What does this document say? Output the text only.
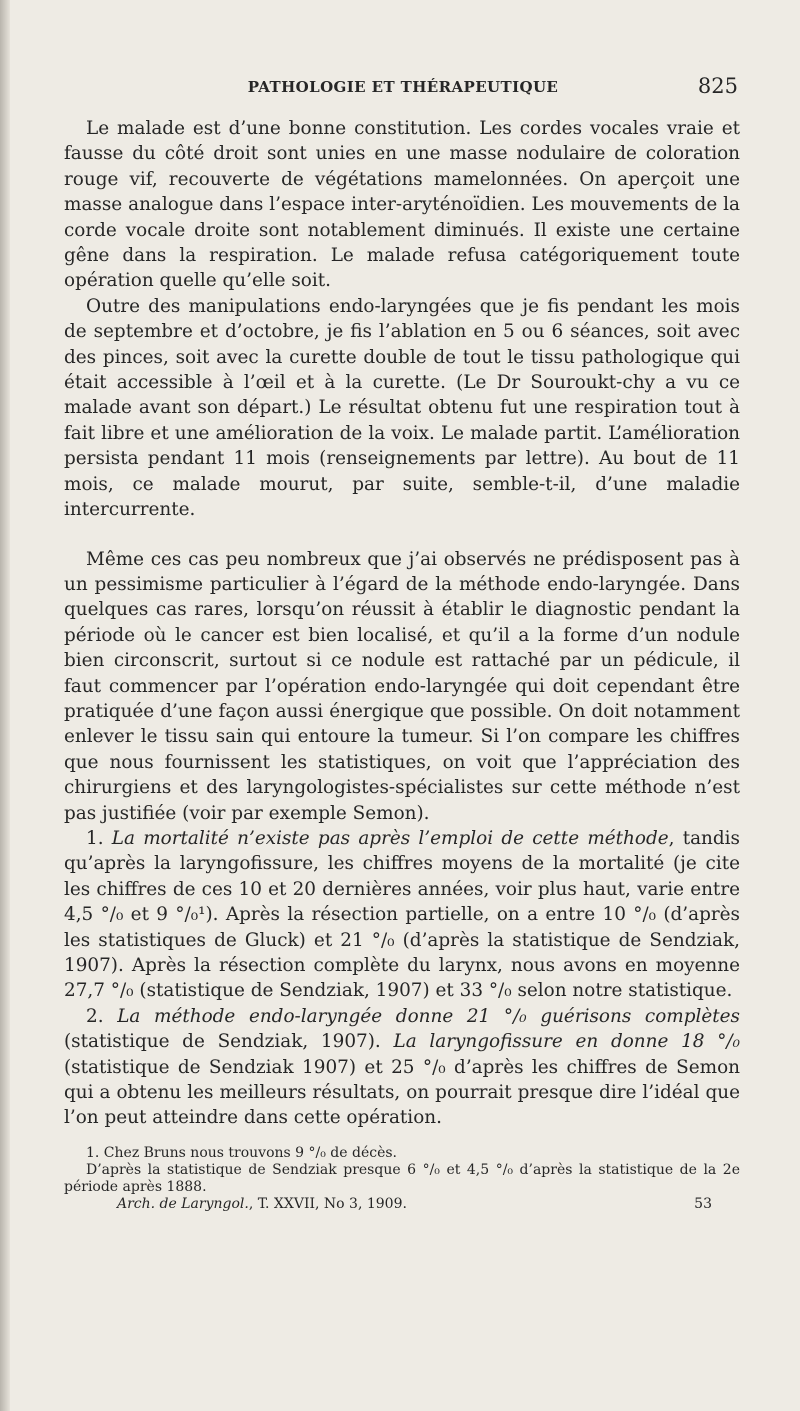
PATHOLOGIE ET THÉRAPEUTIQUE	825

Le malade est d’une bonne constitution. Les cordes vocales vraie et fausse du côté droit sont unies en une masse nodulaire de coloration rouge vif, recouverte de végétations mamelonnées. On aperçoit une masse analogue dans l’espace inter-aryténoïdien. Les mouvements de la corde vocale droite sont notablement diminués. Il existe une certaine gêne dans la respiration. Le malade refusa catégoriquement toute opération quelle qu’elle soit.

Outre des manipulations endo-laryngées que je fis pendant les mois de septembre et d’octobre, je fis l’ablation en 5 ou 6 séances, soit avec des pinces, soit avec la curette double de tout le tissu pathologique qui était accessible à l’œil et à la curette. (Le Dr Souroukt-chy a vu ce malade avant son départ.) Le résultat obtenu fut une respiration tout à fait libre et une amélioration de la voix. Le malade partit. L’amélioration persista pendant 11 mois (renseignements par lettre). Au bout de 11 mois, ce malade mourut, par suite, semble-t-il, d’une maladie intercurrente.

Même ces cas peu nombreux que j’ai observés ne prédisposent pas à un pessimisme particulier à l’égard de la méthode endo-laryngée. Dans quelques cas rares, lorsqu’on réussit à établir le diagnostic pendant la période où le cancer est bien localisé, et qu’il a la forme d’un nodule bien circonscrit, surtout si ce nodule est rattaché par un pédicule, il faut commencer par l’opération endo-laryngée qui doit cependant être pratiquée d’une façon aussi énergique que possible. On doit notamment enlever le tissu sain qui entoure la tumeur. Si l’on compare les chiffres que nous fournissent les statistiques, on voit que l’appréciation des chirurgiens et des laryngologistes-spécialistes sur cette méthode n’est pas justifiée (voir par exemple Semon).

1. La mortalité n’existe pas après l’emploi de cette méthode, tandis qu’après la laryngofissure, les chiffres moyens de la mortalité (je cite les chiffres de ces 10 et 20 dernières années, voir plus haut, varie entre 4,5 °/₀ et 9 °/₀¹). Après la résection partielle, on a entre 10 °/₀ (d’après les statistiques de Gluck) et 21 °/₀ (d’après la statistique de Sendziak, 1907). Après la résection complète du larynx, nous avons en moyenne 27,7 °/₀ (statistique de Sendziak, 1907) et 33 °/₀ selon notre statistique.

2. La méthode endo-laryngée donne 21 °/₀ guérisons complètes (statistique de Sendziak, 1907). La laryngofissure en donne 18 °/₀ (statistique de Sendziak 1907) et 25 °/₀ d’après les chiffres de Semon qui a obtenu les meilleurs résultats, on pourrait presque dire l’idéal que l’on peut atteindre dans cette opération.

1. Chez Bruns nous trouvons 9 °/₀ de décès.

D’après la statistique de Sendziak presque 6 °/₀ et 4,5 °/₀ d’après la statistique de la 2e période après 1888.

Arch. de Laryngol., T. XXVII, No 3, 1909.	53
